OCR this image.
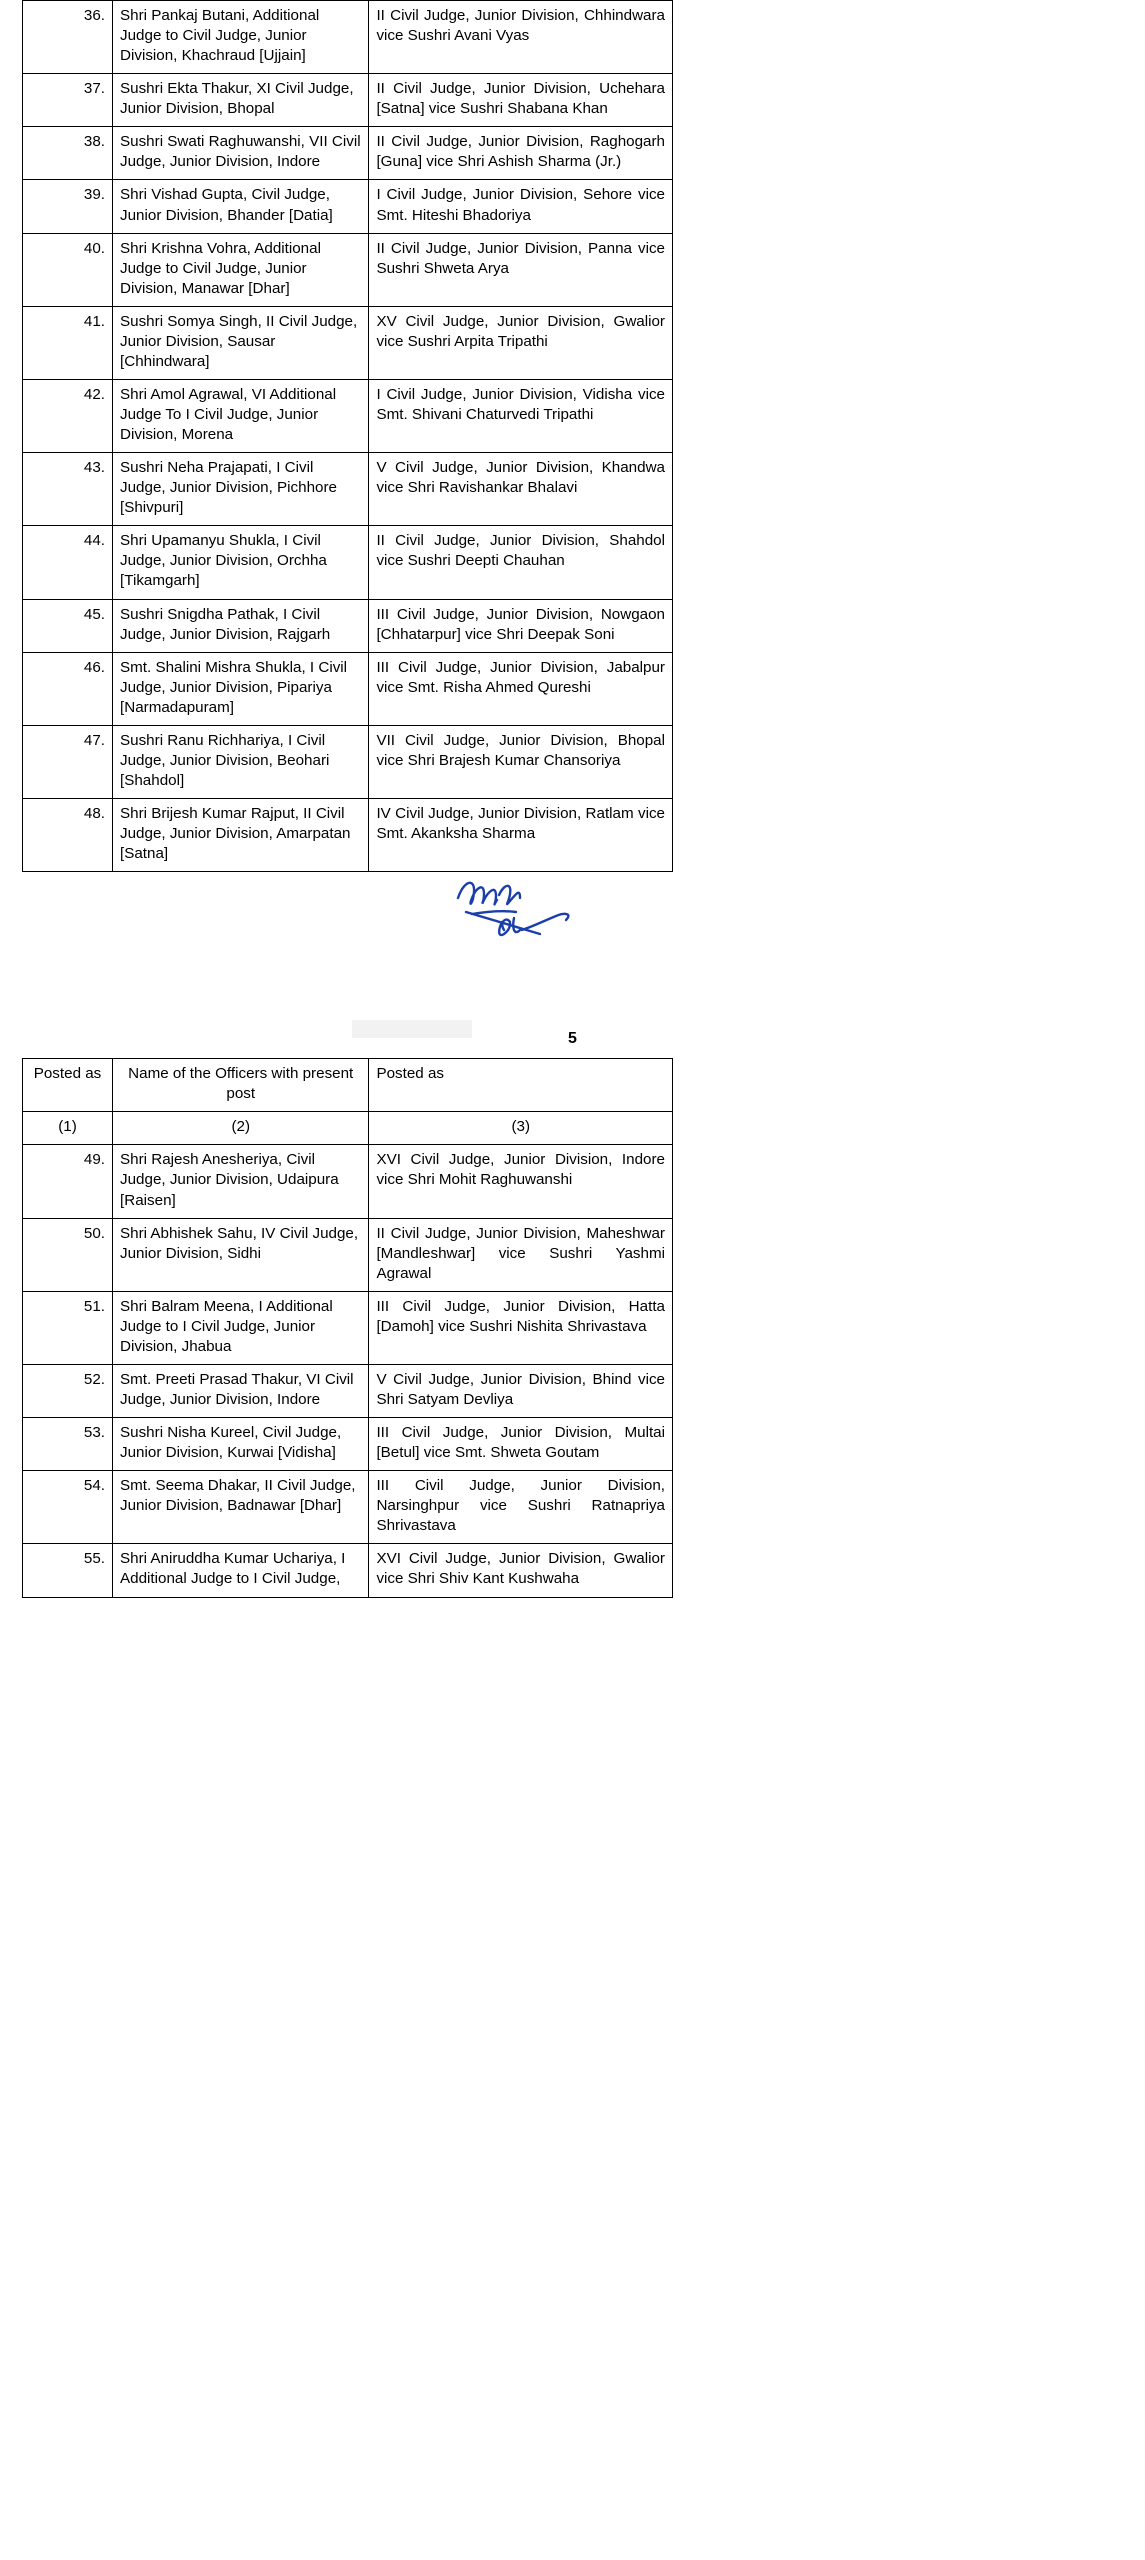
36.	Shri Pankaj Butani, Additional Judge to Civil Judge, Junior Division, Khachraud [Ujjain]	II Civil Judge, Junior Division, Chhindwara vice Sushri Avani Vyas
37.	Sushri Ekta Thakur, XI Civil Judge, Junior Division, Bhopal	II Civil Judge, Junior Division, Uchehara [Satna] vice Sushri Shabana Khan
38.	Sushri Swati Raghuwanshi, VII Civil Judge, Junior Division, Indore	II Civil Judge, Junior Division, Raghogarh [Guna] vice Shri Ashish Sharma (Jr.)
39.	Shri Vishad Gupta, Civil Judge, Junior Division, Bhander [Datia]	I Civil Judge, Junior Division, Sehore vice Smt. Hiteshi Bhadoriya
40.	Shri Krishna Vohra, Additional Judge to Civil Judge, Junior Division, Manawar [Dhar]	II Civil Judge, Junior Division, Panna vice Sushri Shweta Arya
41.	Sushri Somya Singh, II Civil Judge, Junior Division, Sausar [Chhindwara]	XV Civil Judge, Junior Division, Gwalior vice Sushri Arpita Tripathi
42.	Shri Amol Agrawal, VI Additional Judge To I Civil Judge, Junior Division, Morena	I Civil Judge, Junior Division, Vidisha vice Smt. Shivani Chaturvedi Tripathi
43.	Sushri Neha Prajapati, I Civil Judge, Junior Division, Pichhore [Shivpuri]	V Civil Judge, Junior Division, Khandwa vice Shri Ravishankar Bhalavi
44.	Shri Upamanyu Shukla, I Civil Judge, Junior Division, Orchha [Tikamgarh]	II Civil Judge, Junior Division, Shahdol vice Sushri Deepti Chauhan
45.	Sushri Snigdha Pathak, I Civil Judge, Junior Division, Rajgarh	III Civil Judge, Junior Division, Nowgaon [Chhatarpur] vice Shri Deepak Soni
46.	Smt. Shalini Mishra Shukla, I Civil Judge, Junior Division, Pipariya [Narmadapuram]	III Civil Judge, Junior Division, Jabalpur vice Smt. Risha Ahmed Qureshi
47.	Sushri Ranu Richhariya, I Civil Judge, Junior Division, Beohari [Shahdol]	VII Civil Judge, Junior Division, Bhopal vice Shri Brajesh Kumar Chansoriya
48.	Shri Brijesh Kumar Rajput, II Civil Judge, Junior Division, Amarpatan [Satna]	IV Civil Judge, Junior Division, Ratlam vice Smt. Akanksha Sharma
5
Posted as	Name of the Officers with present post	Posted as
(1)	(2)	(3)
49.	Shri Rajesh Anesheriya, Civil Judge, Junior Division, Udaipura [Raisen]	XVI Civil Judge, Junior Division, Indore vice Shri Mohit Raghuwanshi
50.	Shri Abhishek Sahu, IV Civil Judge, Junior Division, Sidhi	II Civil Judge, Junior Division, Maheshwar [Mandleshwar] vice Sushri Yashmi Agrawal
51.	Shri Balram Meena, I Additional Judge to I Civil Judge, Junior Division, Jhabua	III Civil Judge, Junior Division, Hatta [Damoh] vice Sushri Nishita Shrivastava
52.	Smt. Preeti Prasad Thakur, VI Civil Judge, Junior Division, Indore	V Civil Judge, Junior Division, Bhind vice Shri Satyam Devliya
53.	Sushri Nisha Kureel, Civil Judge, Junior Division, Kurwai [Vidisha]	III Civil Judge, Junior Division, Multai [Betul] vice Smt. Shweta Goutam
54.	Smt. Seema Dhakar, II Civil Judge, Junior Division, Badnawar [Dhar]	III Civil Judge, Junior Division, Narsinghpur vice Sushri Ratnapriya Shrivastava
55.	Shri Aniruddha Kumar Uchariya, I Additional Judge to I Civil Judge,	XVI Civil Judge, Junior Division, Gwalior vice Shri Shiv Kant Kushwaha
